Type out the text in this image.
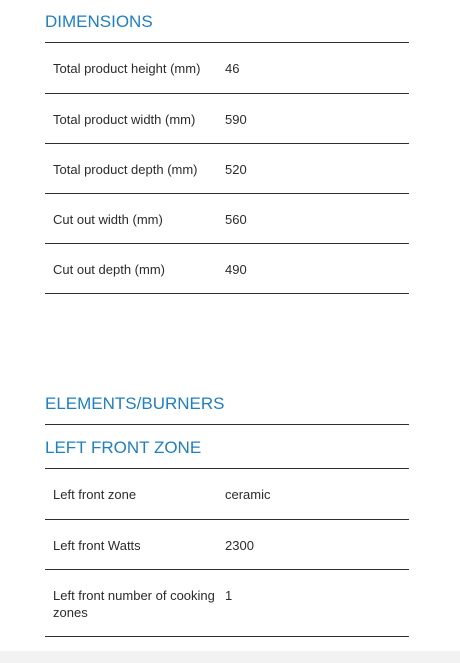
DIMENSIONS
Total product height (mm)	46
Total product width (mm)	590
Total product depth (mm)	520
Cut out width (mm)	560
Cut out depth (mm)	490
ELEMENTS/BURNERS
LEFT FRONT ZONE
Left front zone	ceramic
Left front Watts	2300
Left front number of cooking zones	1
